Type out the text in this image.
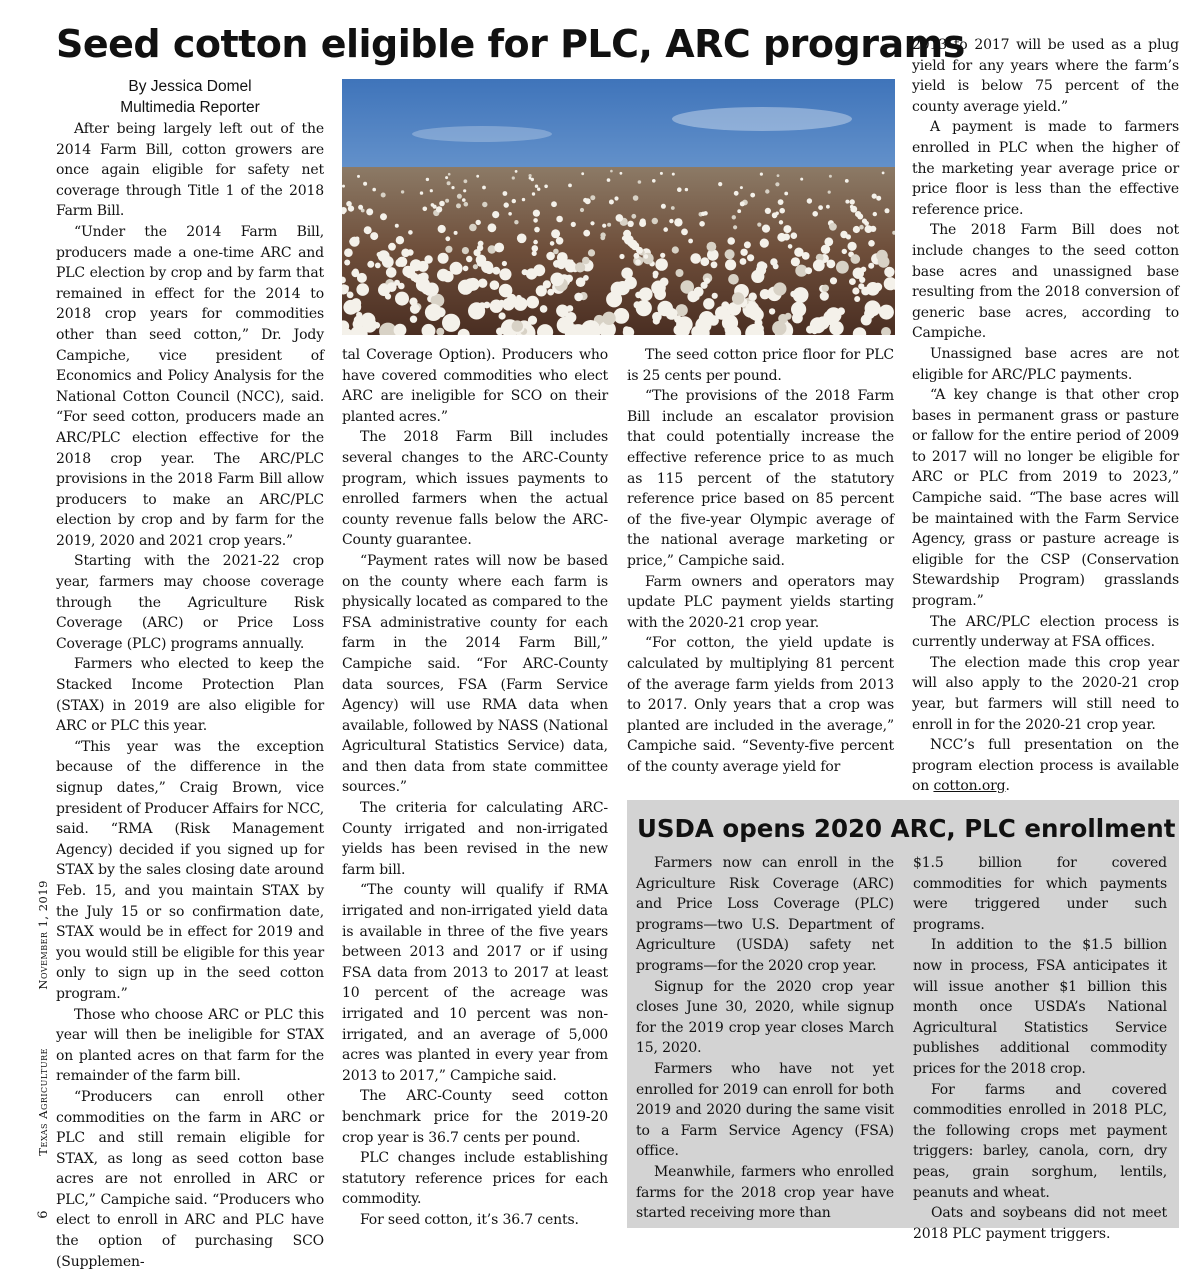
Seed cotton eligible for PLC, ARC programs
By Jessica Domel
Multimedia Reporter

After being largely left out of the 2014 Farm Bill, cotton growers are once again eligible for safety net coverage through Title 1 of the 2018 Farm Bill.

“Under the 2014 Farm Bill, producers made a one-time ARC and PLC election by crop and by farm that remained in effect for the 2014 to 2018 crop years for commodities other than seed cotton,” Dr. Jody Campiche, vice president of Economics and Policy Analysis for the National Cotton Council (NCC), said. “For seed cotton, producers made an ARC/PLC election effective for the 2018 crop year. The ARC/PLC provisions in the 2018 Farm Bill allow producers to make an ARC/PLC election by crop and by farm for the 2019, 2020 and 2021 crop years.”

Starting with the 2021-22 crop year, farmers may choose coverage through the Agriculture Risk Coverage (ARC) or Price Loss Coverage (PLC) programs annually.

Farmers who elected to keep the Stacked Income Protection Plan (STAX) in 2019 are also eligible for ARC or PLC this year.

“This year was the exception because of the difference in the signup dates,” Craig Brown, vice president of Producer Affairs for NCC, said. “RMA (Risk Management Agency) decided if you signed up for STAX by the sales closing date around Feb. 15, and you maintain STAX by the July 15 or so confirmation date, STAX would be in effect for 2019 and you would still be eligible for this year only to sign up in the seed cotton program.”

Those who choose ARC or PLC this year will then be ineligible for STAX on planted acres on that farm for the remainder of the farm bill.

“Producers can enroll other commodities on the farm in ARC or PLC and still remain eligible for STAX, as long as seed cotton base acres are not enrolled in ARC or PLC,” Campiche said. “Producers who elect to enroll in ARC and PLC have the option of purchasing SCO (Supplemen-

tal Coverage Option). Producers who have covered commodities who elect ARC are ineligible for SCO on their planted acres.”

The 2018 Farm Bill includes several changes to the ARC-County program, which issues payments to enrolled farmers when the actual county revenue falls below the ARC-County guarantee.

“Payment rates will now be based on the county where each farm is physically located as compared to the FSA administrative county for each farm in the 2014 Farm Bill,” Campiche said. “For ARC-County data sources, FSA (Farm Service Agency) will use RMA data when available, followed by NASS (National Agricultural Statistics Service) data, and then data from state committee sources.”

The criteria for calculating ARC-County irrigated and non-irrigated yields has been revised in the new farm bill.

“The county will qualify if RMA irrigated and non-irrigated yield data is available in three of the five years between 2013 and 2017 or if using FSA data from 2013 to 2017 at least 10 percent of the acreage was irrigated and 10 percent was non-irrigated, and an average of 5,000 acres was planted in every year from 2013 to 2017,” Campiche said.

The ARC-County seed cotton benchmark price for the 2019-20 crop year is 36.7 cents per pound.

PLC changes include establishing statutory reference prices for each commodity.

For seed cotton, it’s 36.7 cents.

The seed cotton price floor for PLC is 25 cents per pound.

“The provisions of the 2018 Farm Bill include an escalator provision that could potentially increase the effective reference price to as much as 115 percent of the statutory reference price based on 85 percent of the five-year Olympic average of the national average marketing or price,” Campiche said.

Farm owners and operators may update PLC payment yields starting with the 2020-21 crop year.

“For cotton, the yield update is calculated by multiplying 81 percent of the average farm yields from 2013 to 2017. Only years that a crop was planted are included in the average,” Campiche said. “Seventy-five percent of the county average yield for

2013 to 2017 will be used as a plug yield for any years where the farm’s yield is below 75 percent of the county average yield.”

A payment is made to farmers enrolled in PLC when the higher of the marketing year average price or price floor is less than the effective reference price.

The 2018 Farm Bill does not include changes to the seed cotton base acres and unassigned base resulting from the 2018 conversion of generic base acres, according to Campiche.

Unassigned base acres are not eligible for ARC/PLC payments.

“A key change is that other crop bases in permanent grass or pasture or fallow for the entire period of 2009 to 2017 will no longer be eligible for ARC or PLC from 2019 to 2023,” Campiche said. “The base acres will be maintained with the Farm Service Agency, grass or pasture acreage is eligible for the CSP (Conservation Stewardship Program) grasslands program.”

The ARC/PLC election process is currently underway at FSA offices.

The election made this crop year will also apply to the 2020-21 crop year, but farmers will still need to enroll in for the 2020-21 crop year.

NCC’s full presentation on the program election process is available on cotton.org.

November 1, 2019
Texas Agriculture
6
USDA opens 2020 ARC, PLC enrollment

Farmers now can enroll in the Agriculture Risk Coverage (ARC) and Price Loss Coverage (PLC) programs—two U.S. Department of Agriculture (USDA) safety net programs—for the 2020 crop year.

Signup for the 2020 crop year closes June 30, 2020, while signup for the 2019 crop year closes March 15, 2020.

Farmers who have not yet enrolled for 2019 can enroll for both 2019 and 2020 during the same visit to a Farm Service Agency (FSA) office.

Meanwhile, farmers who enrolled farms for the 2018 crop year have started receiving more than

$1.5 billion for covered commodities for which payments were triggered under such programs.

In addition to the $1.5 billion now in process, FSA anticipates it will issue another $1 billion this month once USDA’s National Agricultural Statistics Service publishes additional commodity prices for the 2018 crop.

For farms and covered commodities enrolled in 2018 PLC, the following crops met payment triggers: barley, canola, corn, dry peas, grain sorghum, lentils, peanuts and wheat.

Oats and soybeans did not meet 2018 PLC payment triggers.
